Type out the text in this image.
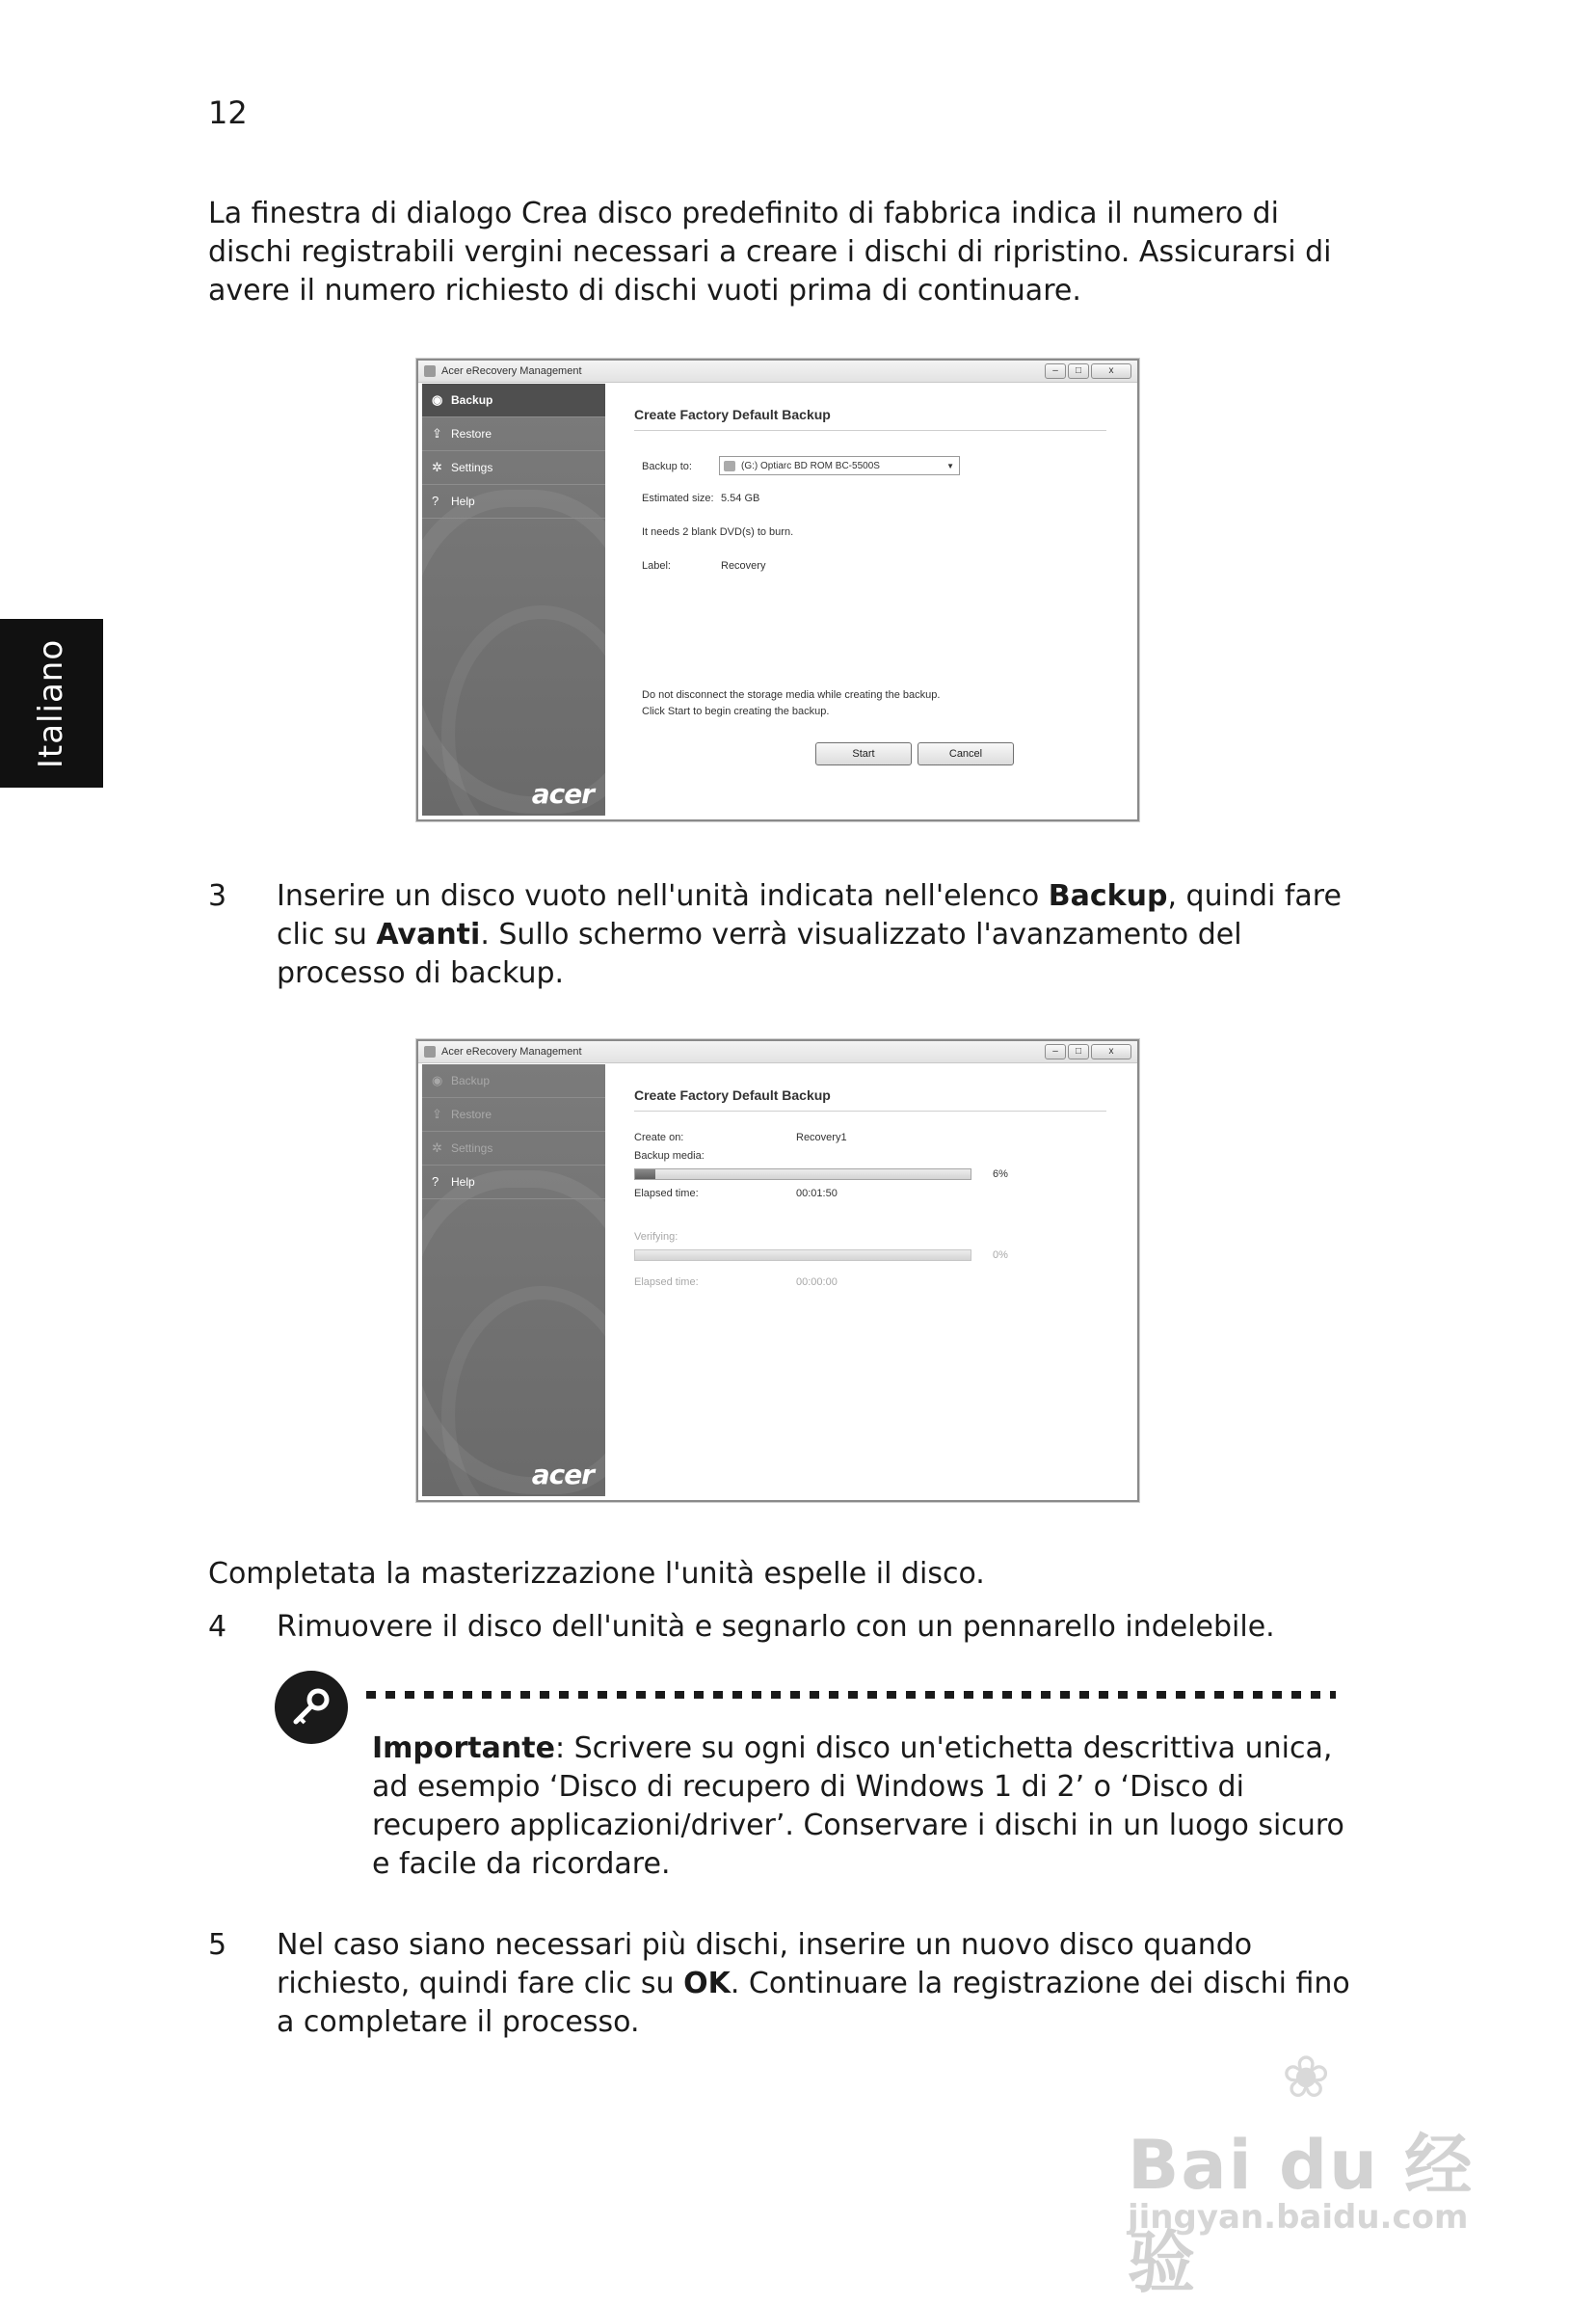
12
Italiano
La finestra di dialogo Crea disco predefinito di fabbrica indica il numero di dischi registrabili vergini necessari a creare i dischi di ripristino. Assicurarsi di avere il numero richiesto di dischi vuoti prima di continuare.
Acer eRecovery Management	–	□	x
◉ Backup
⇪ Restore
✲ Settings
? Help
acer
Create Factory Default Backup
Backup to:	(G:) Optiarc BD ROM BC-5500S	▼
Estimated size: 5.54 GB
It needs 2 blank DVD(s) to burn.
Label:	Recovery
Do not disconnect the storage media while creating the backup.
Click Start to begin creating the backup.
Start	Cancel
3 Inserire un disco vuoto nell'unità indicata nell'elenco Backup, quindi fare clic su Avanti. Sullo schermo verrà visualizzato l'avanzamento del processo di backup.
Acer eRecovery Management	–	□	x
◉ Backup
⇪ Restore
✲ Settings
? Help
acer
Create Factory Default Backup
Create on:	Recovery1
Backup media:
6%
Elapsed time:	00:01:50
Verifying:
0%
Elapsed time:	00:00:00
Completata la masterizzazione l'unità espelle il disco.
4 Rimuovere il disco dell'unità e segnarlo con un pennarello indelebile.
Importante: Scrivere su ogni disco un'etichetta descrittiva unica, ad esempio ‘Disco di recupero di Windows 1 di 2’ o ‘Disco di recupero applicazioni/driver’. Conservare i dischi in un luogo sicuro e facile da ricordare.
5 Nel caso siano necessari più dischi, inserire un nuovo disco quando richiesto, quindi fare clic su OK. Continuare la registrazione dei dischi fino a completare il processo.
❀
Bai du 经验
jingyan.baidu.com
